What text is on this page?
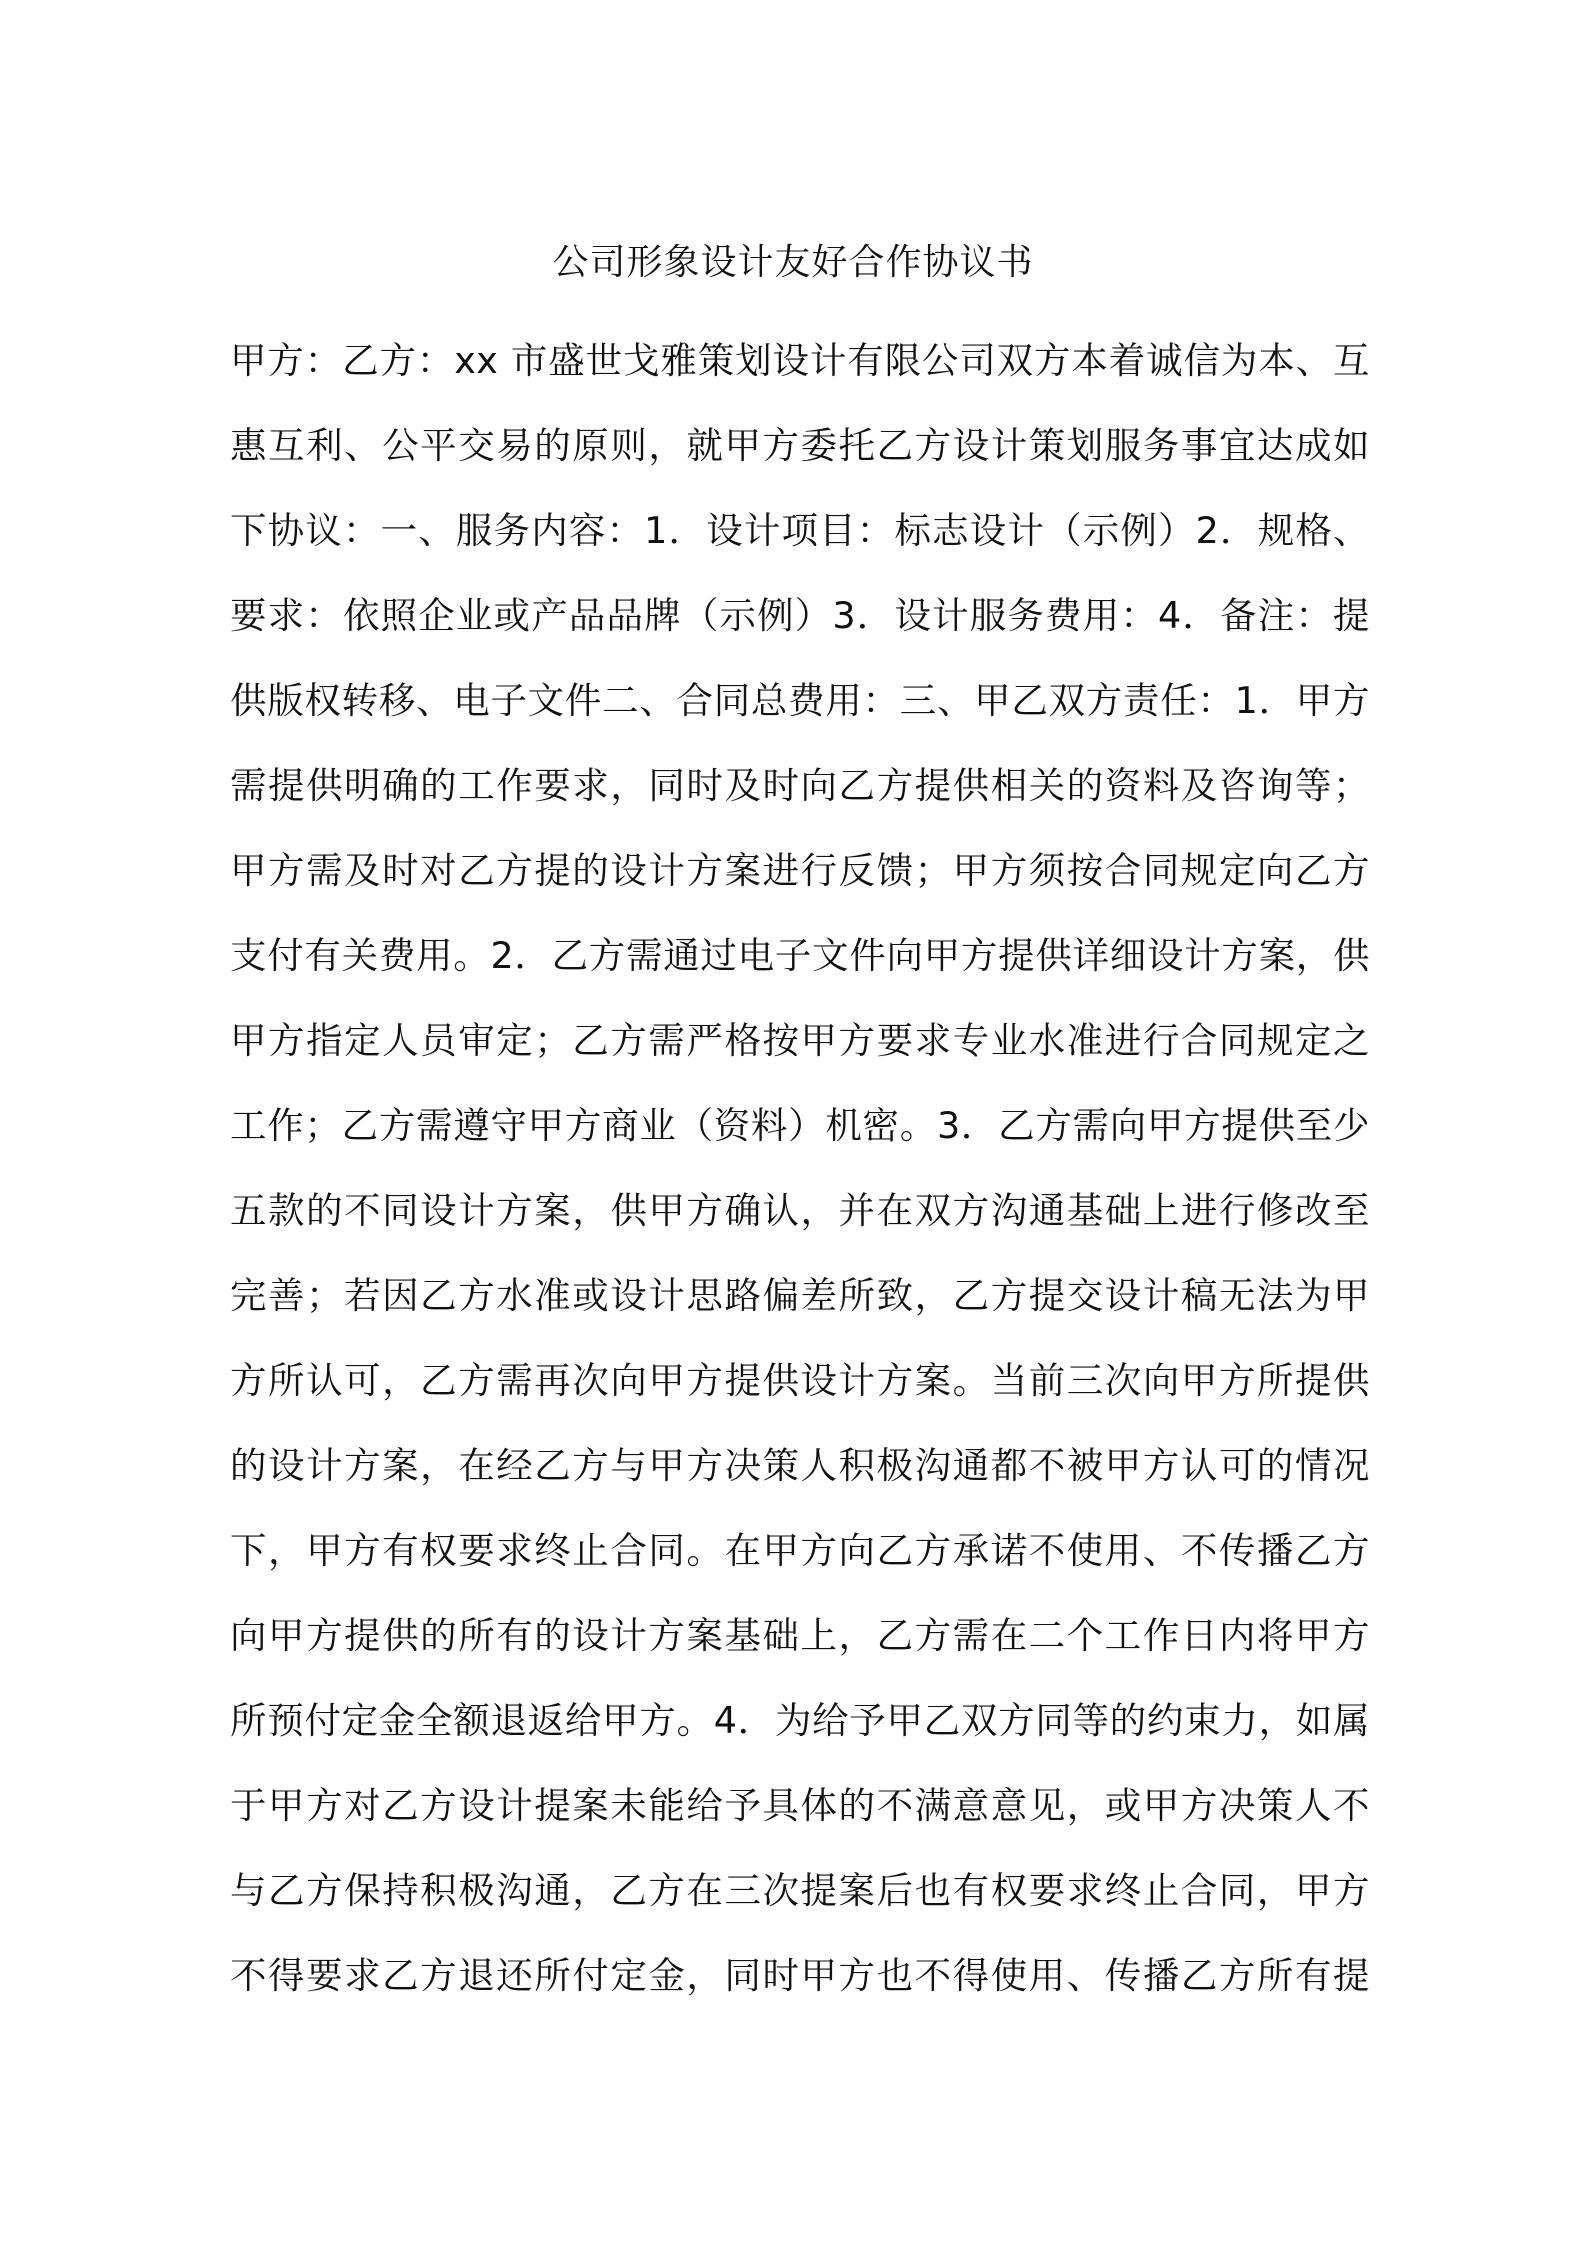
公司形象设计友好合作协议书
甲方：乙方：xx 市盛世戈雅策划设计有限公司双方本着诚信为本、互
惠互利、公平交易的原则，就甲方委托乙方设计策划服务事宜达成如
下协议：一、服务内容：1．设计项目：标志设计（示例）2．规格、
要求：依照企业或产品品牌（示例）3．设计服务费用：4．备注：提
供版权转移、电子文件二、合同总费用：三、甲乙双方责任：1．甲方
需提供明确的工作要求，同时及时向乙方提供相关的资料及咨询等；
甲方需及时对乙方提的设计方案进行反馈；甲方须按合同规定向乙方
支付有关费用。2．乙方需通过电子文件向甲方提供详细设计方案，供
甲方指定人员审定；乙方需严格按甲方要求专业水准进行合同规定之
工作；乙方需遵守甲方商业（资料）机密。3．乙方需向甲方提供至少
五款的不同设计方案，供甲方确认，并在双方沟通基础上进行修改至
完善；若因乙方水准或设计思路偏差所致，乙方提交设计稿无法为甲
方所认可，乙方需再次向甲方提供设计方案。当前三次向甲方所提供
的设计方案，在经乙方与甲方决策人积极沟通都不被甲方认可的情况
下，甲方有权要求终止合同。在甲方向乙方承诺不使用、不传播乙方
向甲方提供的所有的设计方案基础上，乙方需在二个工作日内将甲方
所预付定金全额退返给甲方。4．为给予甲乙双方同等的约束力，如属
于甲方对乙方设计提案未能给予具体的不满意意见，或甲方决策人不
与乙方保持积极沟通，乙方在三次提案后也有权要求终止合同，甲方
不得要求乙方退还所付定金，同时甲方也不得使用、传播乙方所有提
